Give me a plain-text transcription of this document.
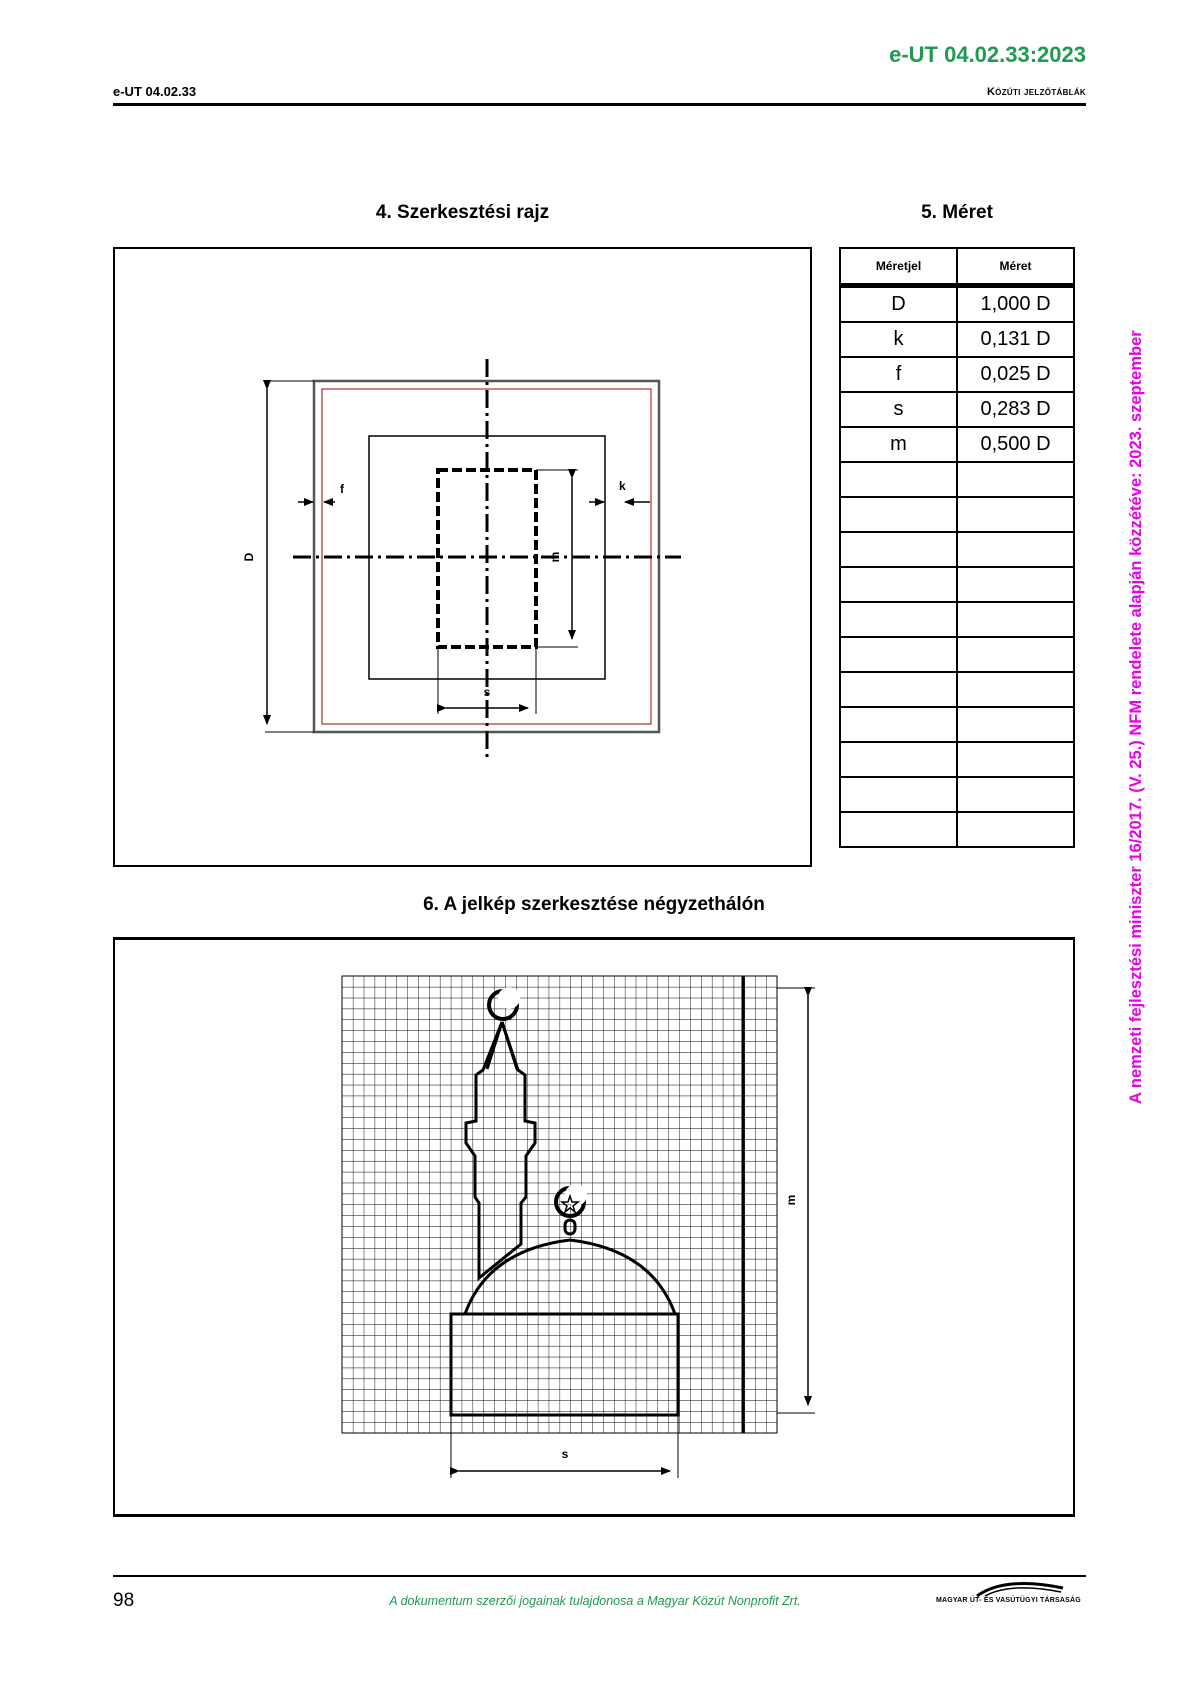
e-UT 04.02.33:2023
e-UT 04.02.33	Közúti jelzőtáblák
4. Szerkesztési rajz	5. Méret
D
f	k
m
s
Méretjel	Méret
D	1,000 D
k	0,131 D
f	0,025 D
s	0,283 D
m	0,500 D

6. A jelkép szerkesztése négyzethálón
m
s
A nemzeti fejlesztési miniszter 16/2017. (V. 25.) NFM rendelete alapján közzétéve: 2023. szeptember
98	A dokumentum szerzői jogainak tulajdonosa a Magyar Közút Nonprofit Zrt.	MAGYAR ÚT- ÉS VASÚTÜGYI TÁRSASÁG
